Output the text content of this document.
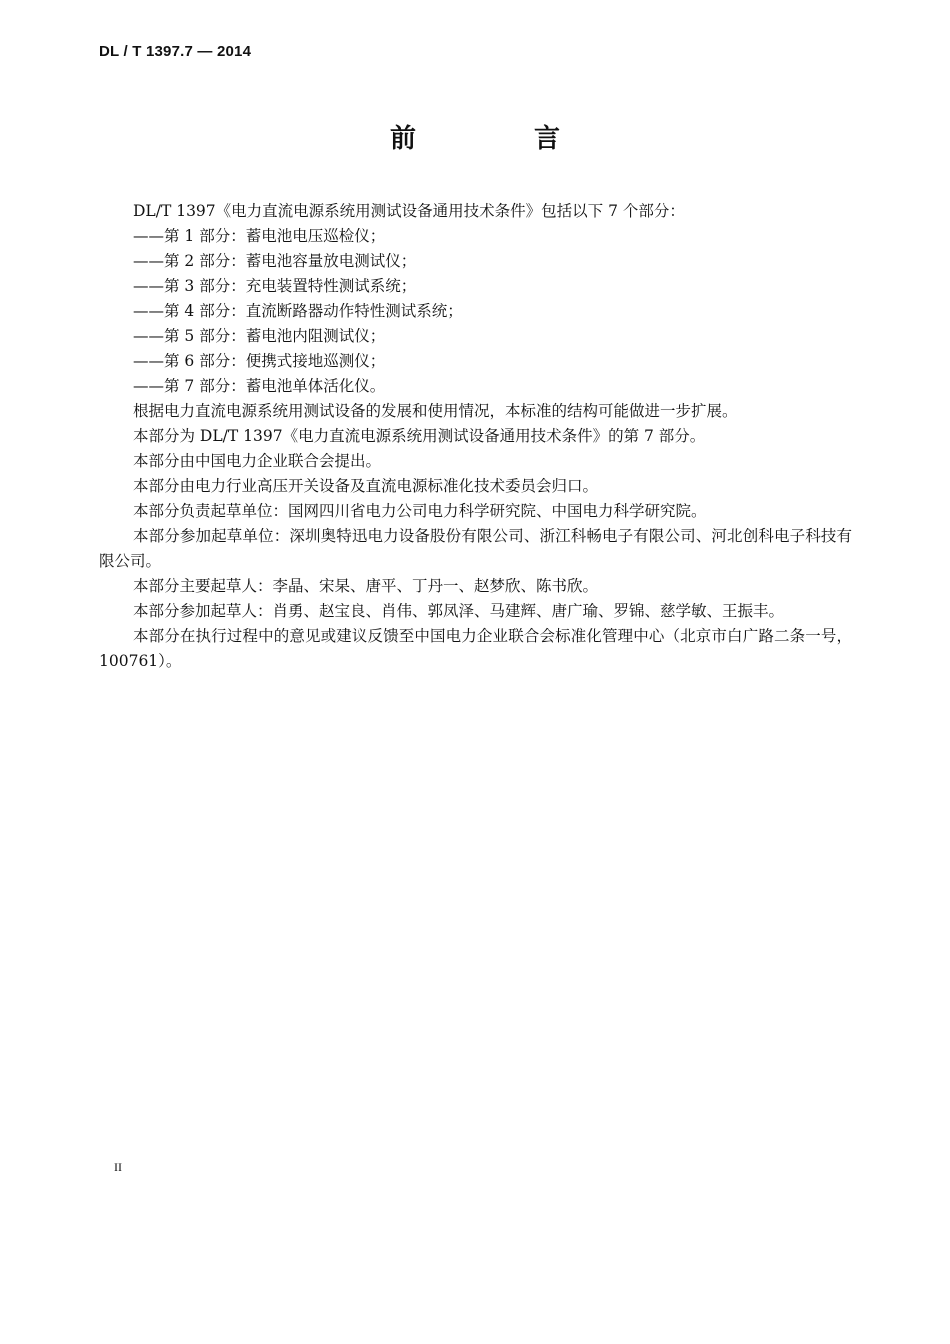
DL / T 1397.7 — 2014
前　言
DL/T 1397《电力直流电源系统用测试设备通用技术条件》包括以下 7 个部分：
——第 1 部分：蓄电池电压巡检仪；
——第 2 部分：蓄电池容量放电测试仪；
——第 3 部分：充电装置特性测试系统；
——第 4 部分：直流断路器动作特性测试系统；
——第 5 部分：蓄电池内阻测试仪；
——第 6 部分：便携式接地巡测仪；
——第 7 部分：蓄电池单体活化仪。
根据电力直流电源系统用测试设备的发展和使用情况，本标准的结构可能做进一步扩展。
本部分为 DL/T 1397《电力直流电源系统用测试设备通用技术条件》的第 7 部分。
本部分由中国电力企业联合会提出。
本部分由电力行业高压开关设备及直流电源标准化技术委员会归口。
本部分负责起草单位：国网四川省电力公司电力科学研究院、中国电力科学研究院。
本部分参加起草单位：深圳奥特迅电力设备股份有限公司、浙江科畅电子有限公司、河北创科电子科技有限公司。
本部分主要起草人：李晶、宋杲、唐平、丁丹一、赵梦欣、陈书欣。
本部分参加起草人：肖勇、赵宝良、肖伟、郭凤泽、马建辉、唐广瑜、罗锦、慈学敏、王振丰。
本部分在执行过程中的意见或建议反馈至中国电力企业联合会标准化管理中心（北京市白广路二条一号，100761）。
II
